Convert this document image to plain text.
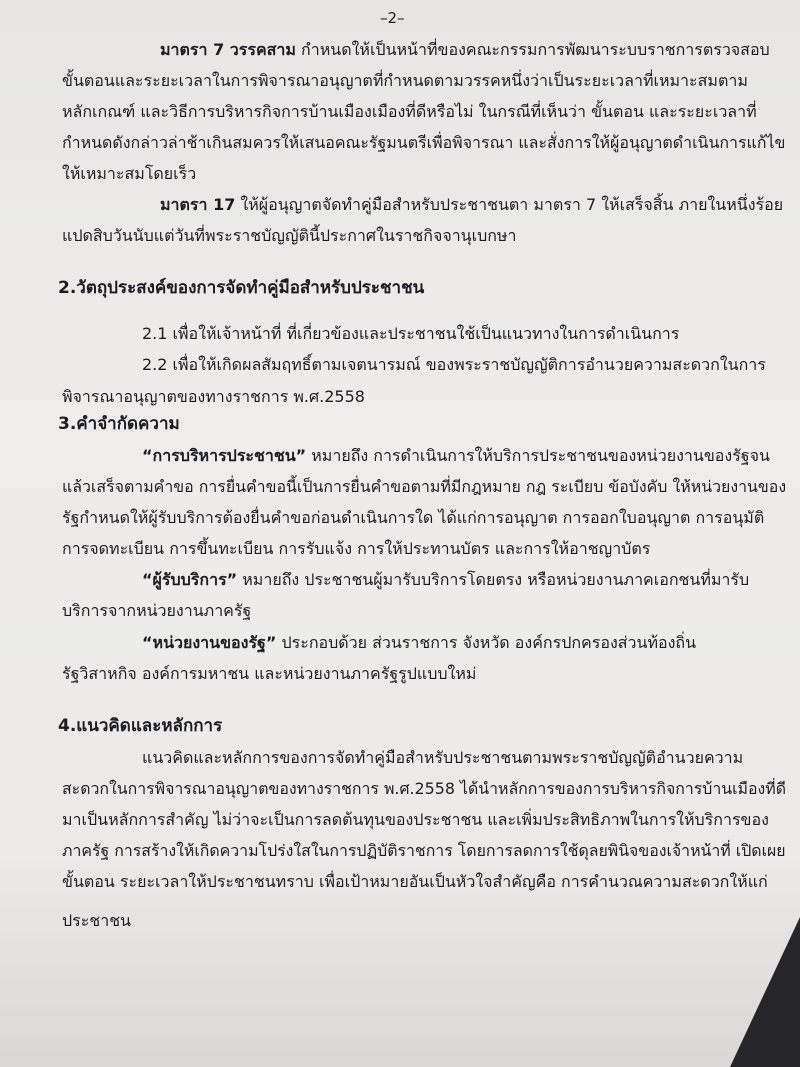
–2–
มาตรา 7 วรรคสาม กำหนดให้เป็นหน้าที่ของคณะกรรมการพัฒนาระบบราชการตรวจสอบ
ขั้นตอนและระยะเวลาในการพิจารณาอนุญาตที่กำหนดตามวรรคหนึ่งว่าเป็นระยะเวลาที่เหมาะสมตาม
หลักเกณฑ์ และวิธีการบริหารกิจการบ้านเมืองเมืองที่ดีหรือไม่ ในกรณีที่เห็นว่า ขั้นตอน และระยะเวลาที่
กำหนดดังกล่าวล่าช้าเกินสมควรให้เสนอคณะรัฐมนตรีเพื่อพิจารณา และสั่งการให้ผู้อนุญาตดำเนินการแก้ไข
ให้เหมาะสมโดยเร็ว
มาตรา 17 ให้ผู้อนุญาตจัดทำคู่มือสำหรับประชาชนตา มาตรา 7 ให้เสร็จสิ้น ภายในหนึ่งร้อย
แปดสิบวันนับแต่วันที่พระราชบัญญัตินี้ประกาศในราชกิจจานุเบกษา
2.วัตถุประสงค์ของการจัดทำคู่มือสำหรับประชาชน
2.1 เพื่อให้เจ้าหน้าที่ ที่เกี่ยวข้องและประชาชนใช้เป็นแนวทางในการดำเนินการ
2.2 เพื่อให้เกิดผลสัมฤทธิ์ตามเจตนารมณ์ ของพระราชบัญญัติการอำนวยความสะดวกในการ
พิจารณาอนุญาตของทางราชการ พ.ศ.2558
3.คำจำกัดความ
“การบริหารประชาชน” หมายถึง การดำเนินการให้บริการประชาชนของหน่วยงานของรัฐจน
แล้วเสร็จตามคำขอ การยื่นคำขอนี้เป็นการยื่นคำขอตามที่มีกฎหมาย กฎ ระเบียบ ข้อบังคับ ให้หน่วยงานของ
รัฐกำหนดให้ผู้รับบริการต้องยื่นคำขอก่อนดำเนินการใด ได้แก่การอนุญาต การออกใบอนุญาต การอนุมัติ
การจดทะเบียน การขึ้นทะเบียน การรับแจ้ง การให้ประทานบัตร และการให้อาชญาบัตร
“ผู้รับบริการ” หมายถึง ประชาชนผู้มารับบริการโดยตรง หรือหน่วยงานภาคเอกชนที่มารับ
บริการจากหน่วยงานภาครัฐ
“หน่วยงานของรัฐ” ประกอบด้วย ส่วนราชการ จังหวัด องค์กรปกครองส่วนท้องถิ่น
รัฐวิสาหกิจ องค์การมหาชน และหน่วยงานภาครัฐรูปแบบใหม่
4.แนวคิดและหลักการ
แนวคิดและหลักการของการจัดทำคู่มือสำหรับประชาชนตามพระราชบัญญัติอำนวยความ
สะดวกในการพิจารณาอนุญาตของทางราชการ พ.ศ.2558 ได้นำหลักการของการบริหารกิจการบ้านเมืองที่ดี
มาเป็นหลักการสำคัญ ไม่ว่าจะเป็นการลดต้นทุนของประชาชน และเพิ่มประสิทธิภาพในการให้บริการของ
ภาครัฐ การสร้างให้เกิดความโปร่งใสในการปฏิบัติราชการ โดยการลดการใช้ดุลยพินิจของเจ้าหน้าที่ เปิดเผย
ขั้นตอน ระยะเวลาให้ประชาชนทราบ เพื่อเป้าหมายอันเป็นหัวใจสำคัญคือ การคำนวณความสะดวกให้แก่
ประชาชน
